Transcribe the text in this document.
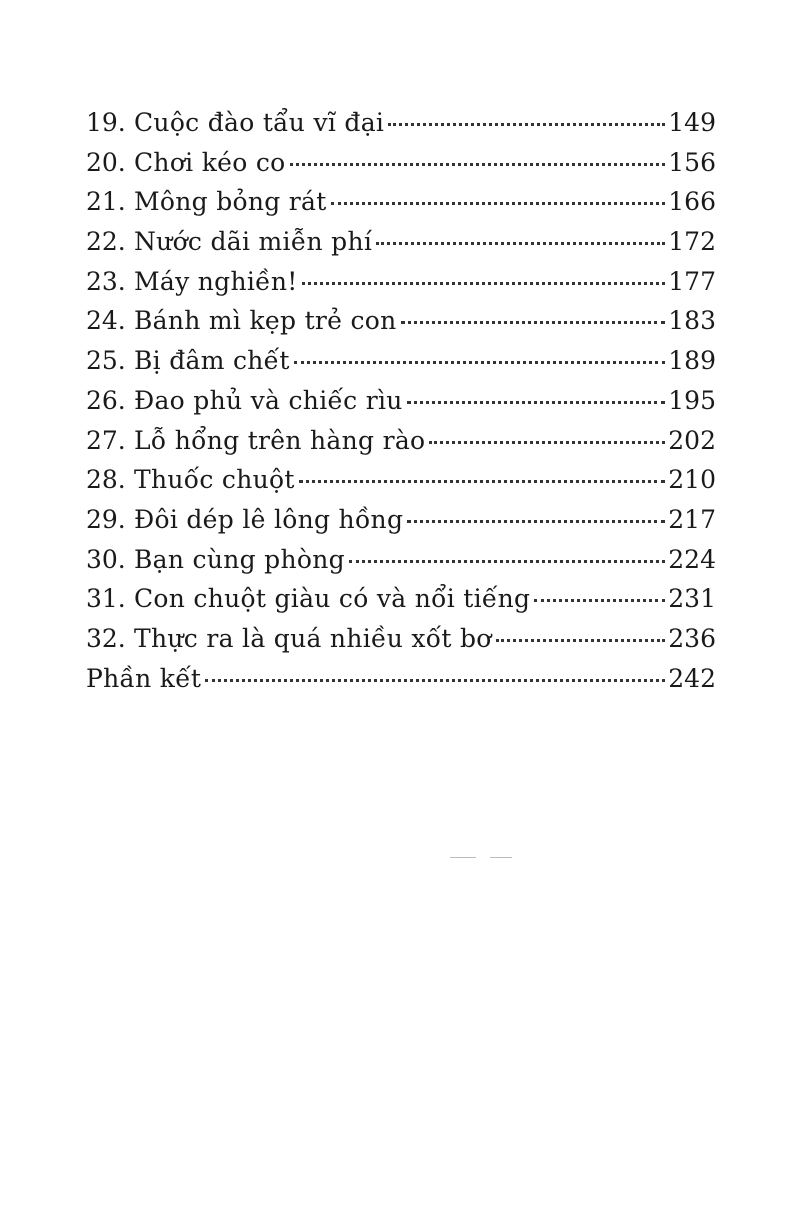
19. Cuộc đào tẩu vĩ đại	149
20. Chơi kéo co	156
21. Mông bỏng rát	166
22. Nước dãi miễn phí	172
23. Máy nghiền!	177
24. Bánh mì kẹp trẻ con	183
25. Bị đâm chết	189
26. Đao phủ và chiếc rìu	195
27. Lỗ hổng trên hàng rào	202
28. Thuốc chuột	210
29. Đôi dép lê lông hồng	217
30. Bạn cùng phòng	224
31. Con chuột giàu có và nổi tiếng	231
32. Thực ra là quá nhiều xốt bơ	236
Phần kết	242
